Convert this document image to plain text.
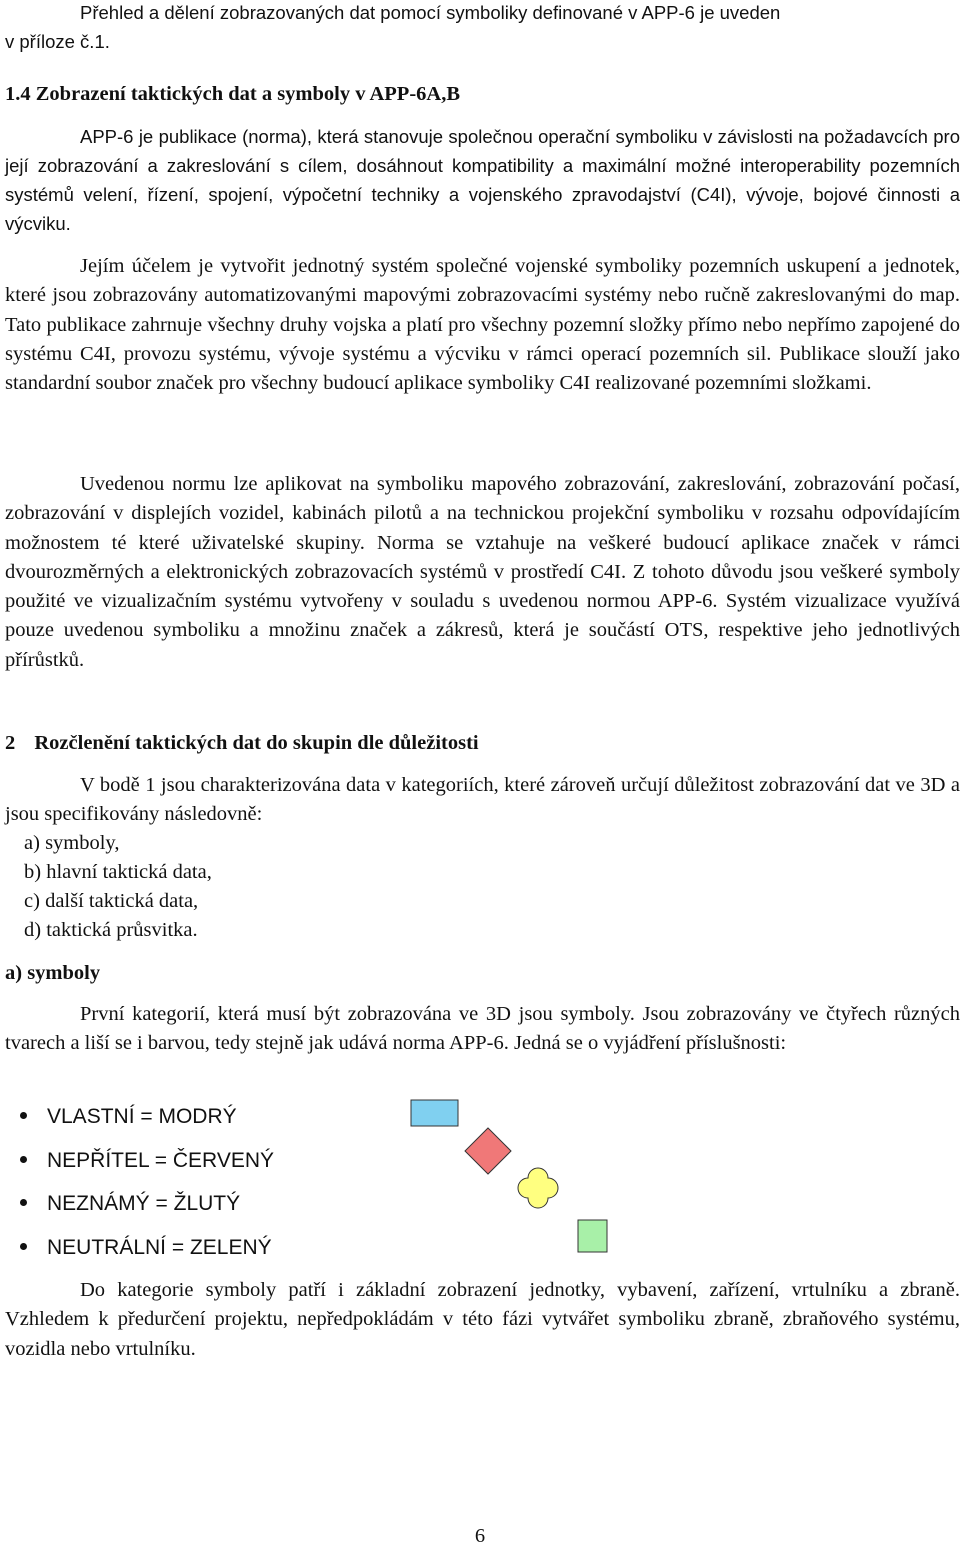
Přehled a dělení zobrazovaných dat pomocí symboliky definované v APP-6 je uveden
v příloze č.1.
1.4 Zobrazení taktických dat a symboly v APP-6A,B
APP-6 je publikace (norma), která stanovuje společnou operační symboliku v závislosti na požadavcích pro její zobrazování a zakreslování s cílem, dosáhnout kompatibility a maximální možné interoperability pozemních systémů velení, řízení, spojení, výpočetní techniky a vojenského zpravodajství (C4I), vývoje, bojové činnosti a výcviku.
Jejím účelem je vytvořit jednotný systém společné vojenské symboliky pozemních uskupení a jednotek, které jsou zobrazovány automatizovanými mapovými zobrazovacími systémy nebo ručně zakreslovanými do map. Tato publikace zahrnuje všechny druhy vojska a platí pro všechny pozemní složky přímo nebo nepřímo zapojené do systému C4I, provozu systému, vývoje systému a výcviku v rámci operací pozemních sil. Publikace slouží jako standardní soubor značek pro všechny budoucí aplikace symboliky C4I realizované pozemními složkami.
Uvedenou normu lze aplikovat na symboliku mapového zobrazování, zakreslování, zobrazování počasí, zobrazování v displejích vozidel, kabinách pilotů a na technickou projekční symboliku v rozsahu odpovídajícím možnostem té které uživatelské skupiny. Norma se vztahuje na veškeré budoucí aplikace značek v rámci dvourozměrných a elektronických zobrazovacích systémů v prostředí C4I. Z tohoto důvodu jsou veškeré symboly použité ve vizualizačním systému vytvořeny v souladu s uvedenou normou APP-6. Systém vizualizace využívá pouze uvedenou symboliku a množinu značek a zákresů, která je součástí OTS, respektive jeho jednotlivých přírůstků.
2 Rozčlenění taktických dat do skupin dle důležitosti
V bodě 1 jsou charakterizována data v kategoriích, které zároveň určují důležitost zobrazování dat ve 3D a jsou specifikovány následovně:
a) symboly,
b) hlavní taktická data,
c) další taktická data,
d) taktická průsvitka.
a) symboly
První kategorií, která musí být zobrazována ve 3D jsou symboly. Jsou zobrazovány ve čtyřech různých tvarech a liší se i barvou, tedy stejně jak udává norma APP-6. Jedná se o vyjádření příslušnosti:
VLASTNÍ = MODRÝ
NEPŘÍTEL = ČERVENÝ
NEZNÁMÝ = ŽLUTÝ
NEUTRÁLNÍ = ZELENÝ
Do kategorie symboly patří i základní zobrazení jednotky, vybavení, zařízení, vrtulníku a zbraně. Vzhledem k předurčení projektu, nepředpokládám v této fázi vytvářet symboliku zbraně, zbraňového systému, vozidla nebo vrtulníku.
6
